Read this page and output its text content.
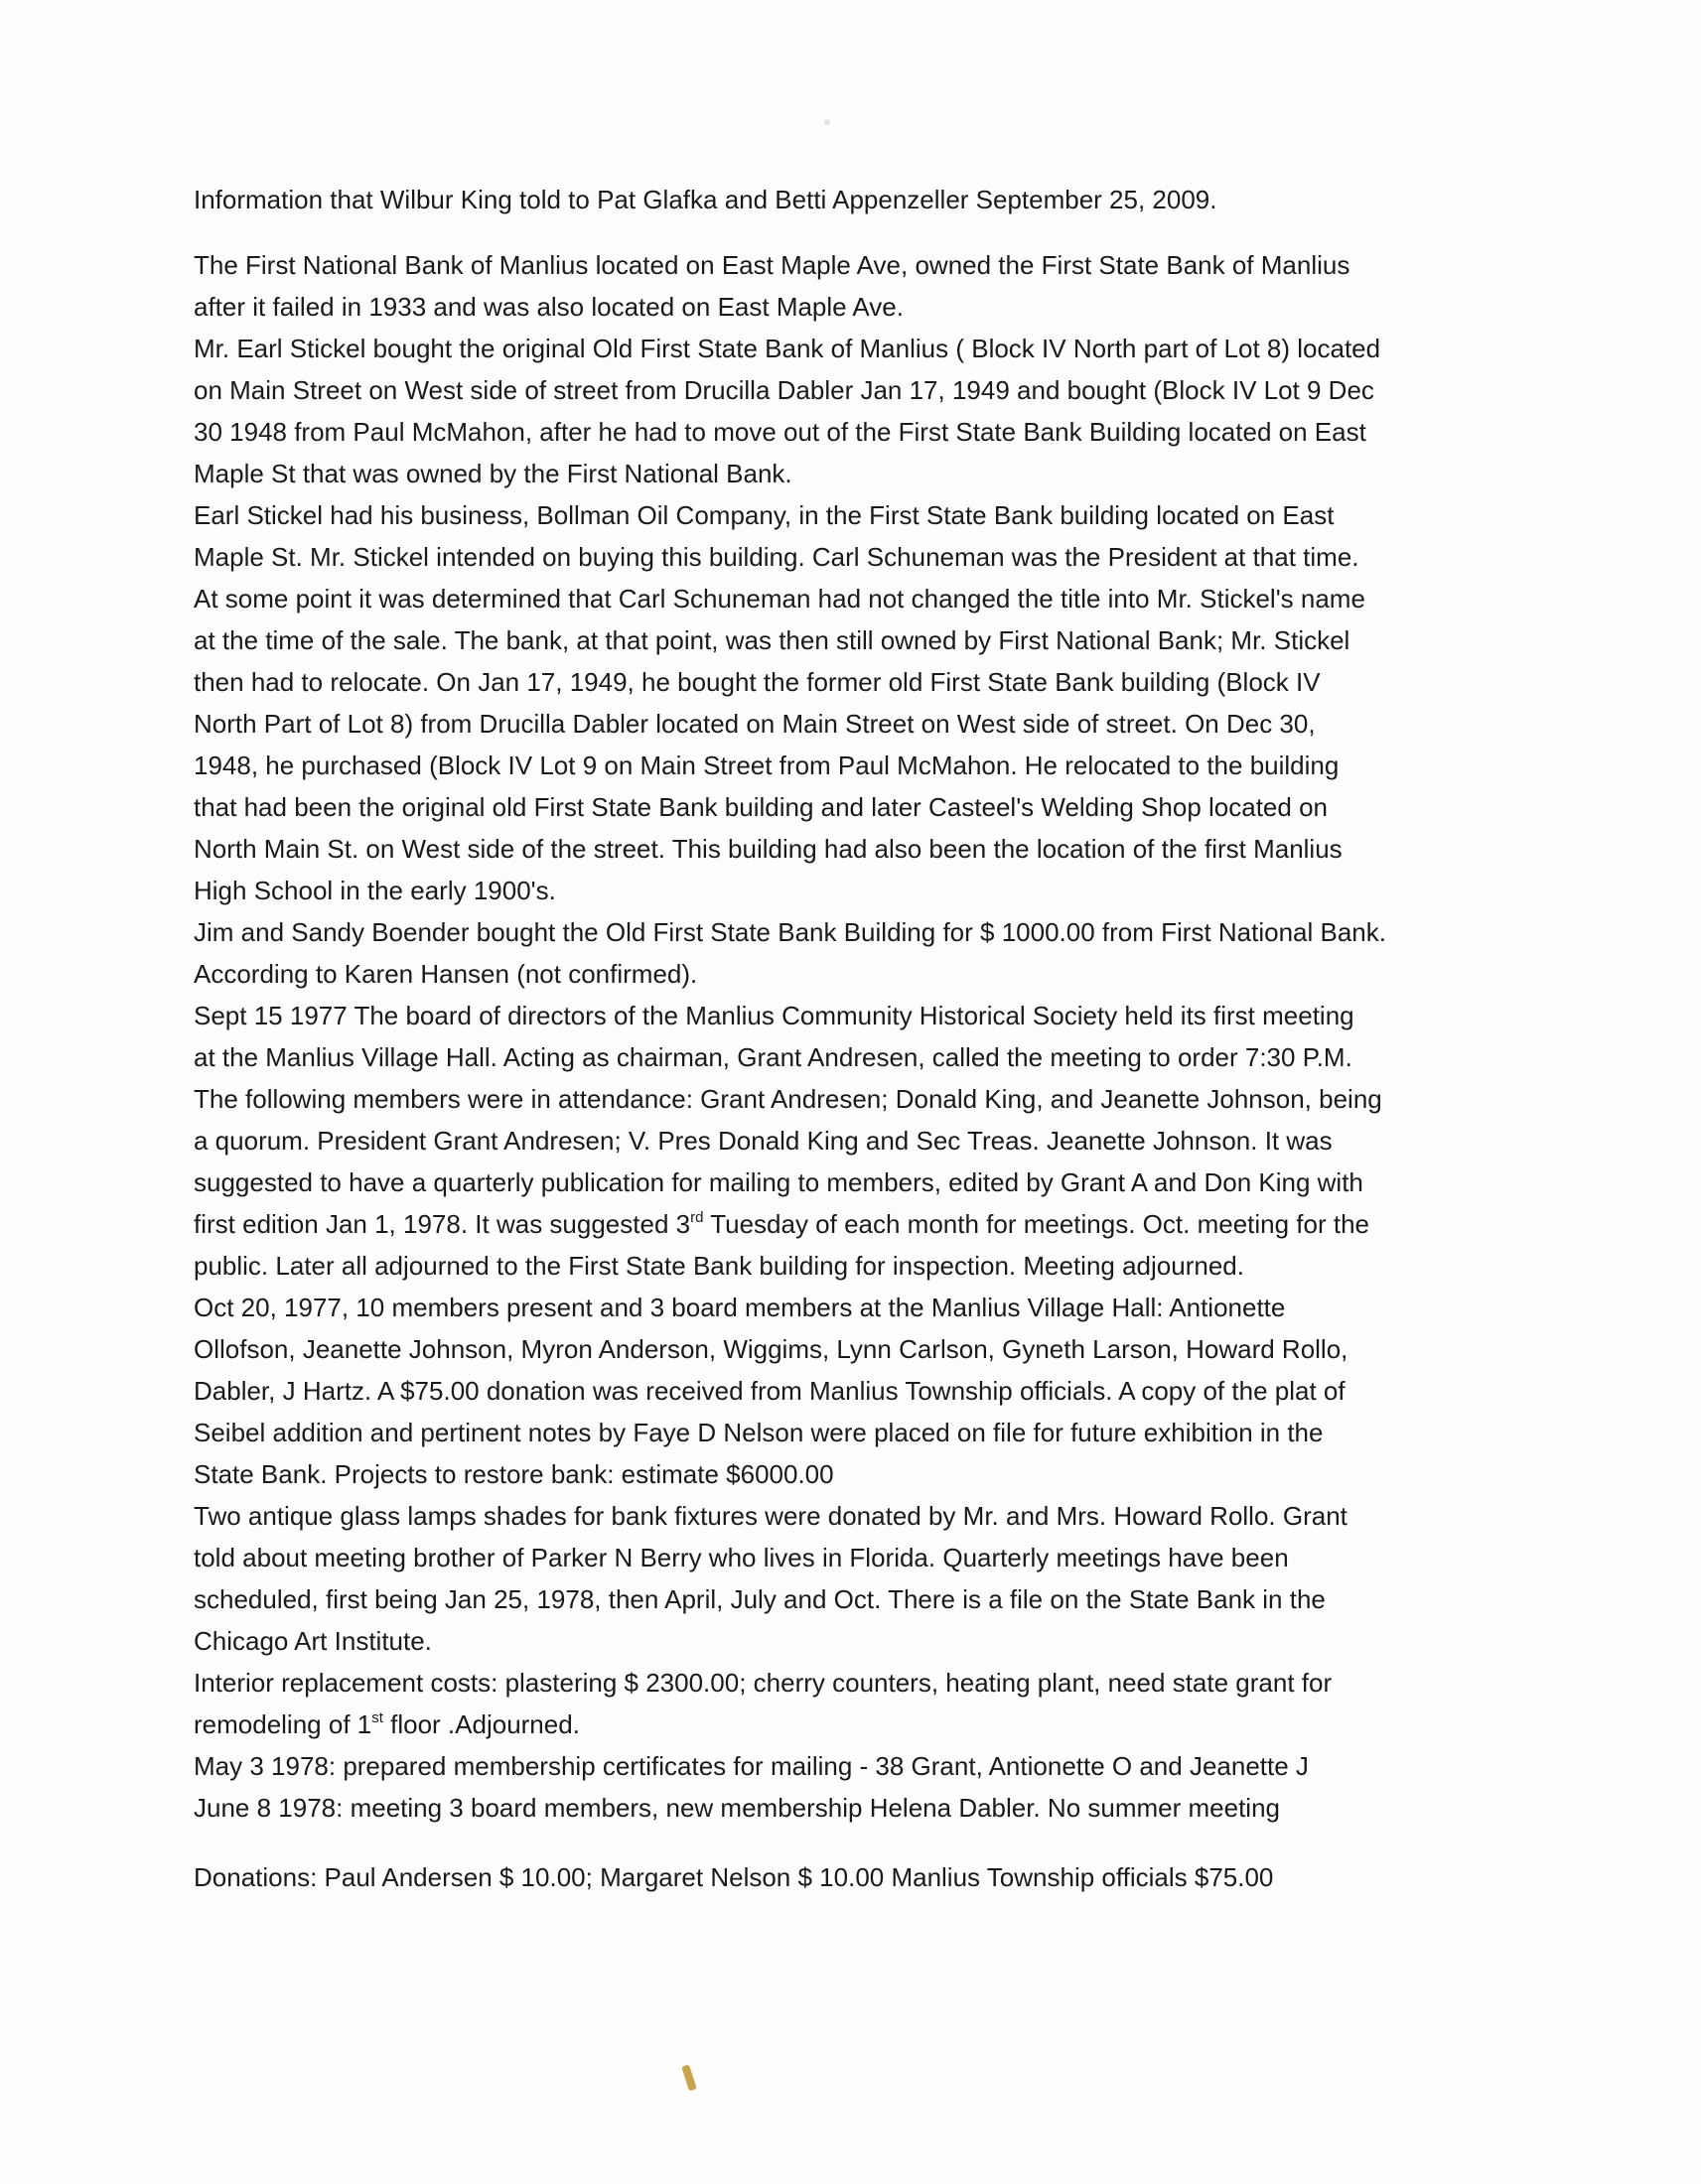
Information that Wilbur King told to Pat Glafka and Betti Appenzeller September 25, 2009.
The First National Bank of Manlius located on East Maple Ave, owned the First State Bank of Manlius
after it failed in 1933 and was also located on East Maple Ave.
Mr. Earl Stickel bought the original Old First State Bank of Manlius ( Block IV North part of Lot 8) located
on Main Street on West side of street from Drucilla Dabler Jan 17, 1949 and bought (Block IV Lot 9 Dec
30 1948 from Paul McMahon, after he had to move out of the First State Bank Building located on East
Maple St that was owned by the First National Bank.
Earl Stickel had his business, Bollman Oil Company, in the First State Bank building located on East
Maple St. Mr. Stickel intended on buying this building. Carl Schuneman was the President at that time.
At some point it was determined that Carl Schuneman had not changed the title into Mr. Stickel's name
at the time of the sale. The bank, at that point, was then still owned by First National Bank; Mr. Stickel
then had to relocate. On Jan 17, 1949, he bought the former old First State Bank building (Block IV
North Part of Lot 8) from Drucilla Dabler located on Main Street on West side of street. On Dec 30,
1948, he purchased (Block IV Lot 9 on Main Street from Paul McMahon. He relocated to the building
that had been the original old First State Bank building and later Casteel's Welding Shop located on
North Main St. on West side of the street. This building had also been the location of the first Manlius
High School in the early 1900's.
Jim and Sandy Boender bought the Old First State Bank Building for $ 1000.00 from First National Bank.
According to Karen Hansen (not confirmed).
Sept 15 1977 The board of directors of the Manlius Community Historical Society held its first meeting
at the Manlius Village Hall. Acting as chairman, Grant Andresen, called the meeting to order 7:30 P.M.
The following members were in attendance: Grant Andresen; Donald King, and Jeanette Johnson, being
a quorum. President Grant Andresen; V. Pres Donald King and Sec Treas. Jeanette Johnson. It was
suggested to have a quarterly publication for mailing to members, edited by Grant A and Don King with
first edition Jan 1, 1978. It was suggested 3rd Tuesday of each month for meetings. Oct. meeting for the
public. Later all adjourned to the First State Bank building for inspection. Meeting adjourned.
Oct 20, 1977, 10 members present and 3 board members at the Manlius Village Hall: Antionette
Ollofson, Jeanette Johnson, Myron Anderson, Wiggims, Lynn Carlson, Gyneth Larson, Howard Rollo,
Dabler, J Hartz. A $75.00 donation was received from Manlius Township officials. A copy of the plat of
Seibel addition and pertinent notes by Faye D Nelson were placed on file for future exhibition in the
State Bank. Projects to restore bank: estimate $6000.00
Two antique glass lamps shades for bank fixtures were donated by Mr. and Mrs. Howard Rollo. Grant
told about meeting brother of Parker N Berry who lives in Florida. Quarterly meetings have been
scheduled, first being Jan 25, 1978, then April, July and Oct. There is a file on the State Bank in the
Chicago Art Institute.
Interior replacement costs: plastering $ 2300.00; cherry counters, heating plant, need state grant for
remodeling of 1st floor .Adjourned.
May 3 1978: prepared membership certificates for mailing - 38 Grant, Antionette O and Jeanette J
June 8 1978: meeting 3 board members, new membership Helena Dabler. No summer meeting
Donations: Paul Andersen $ 10.00; Margaret Nelson $ 10.00 Manlius Township officials $75.00
